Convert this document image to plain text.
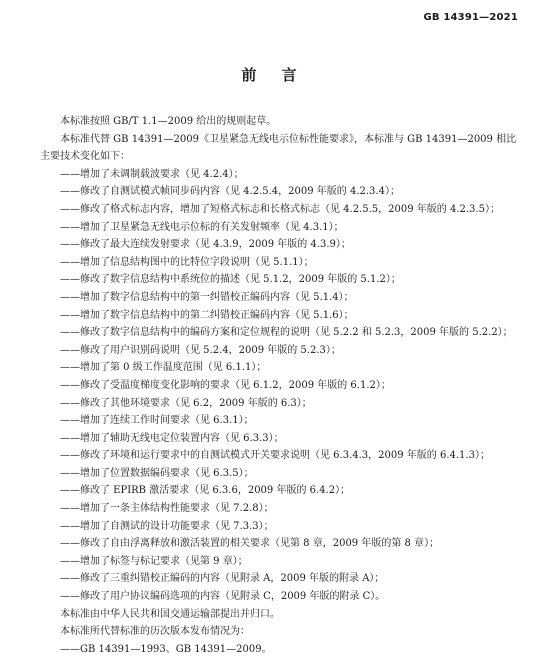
GB 14391—2021
前 言

本标准按照 GB/T 1.1—2009 给出的规则起草。

本标准代替 GB 14391—2009《卫星紧急无线电示位标性能要求》，本标准与 GB 14391—2009 相比主要技术变化如下：

——增加了未调制载波要求（见 4.2.4）；

——修改了自测试模式帧同步码内容（见 4.2.5.4，2009 年版的 4.2.3.4）；

——修改了格式标志内容，增加了短格式标志和长格式标志（见 4.2.5.5，2009 年版的 4.2.3.5）；

——增加了卫星紧急无线电示位标的有关发射频率（见 4.3.1）；

——修改了最大连续发射要求（见 4.3.9，2009 年版的 4.3.9）；

——增加了信息结构图中的比特位字段说明（见 5.1.1）；

——修改了数字信息结构中系统位的描述（见 5.1.2，2009 年版的 5.1.2）；

——增加了数字信息结构中的第一纠错校正编码内容（见 5.1.4）；

——增加了数字信息结构中的第二纠错校正编码内容（见 5.1.6）；

——修改了数字信息结构中的编码方案和定位规程的说明（见 5.2.2 和 5.2.3，2009 年版的 5.2.2）；

——修改了用户识别码说明（见 5.2.4，2009 年版的 5.2.3）；

——增加了第 0 级工作温度范围（见 6.1.1）；

——修改了受温度梯度变化影响的要求（见 6.1.2，2009 年版的 6.1.2）；

——修改了其他环境要求（见 6.2，2009 年版的 6.3）；

——增加了连续工作时间要求（见 6.3.1）；

——增加了辅助无线电定位装置内容（见 6.3.3）；

——修改了环境和运行要求中的自测试模式开关要求说明（见 6.3.4.3，2009 年版的 6.4.1.3）；

——增加了位置数据编码要求（见 6.3.5）；

——修改了 EPIRB 激活要求（见 6.3.6，2009 年版的 6.4.2）；

——增加了一条主体结构性能要求（见 7.2.8）；

——增加了自测试的设计功能要求（见 7.3.3）；

——修改了自由浮离释放和激活装置的相关要求（见第 8 章，2009 年版的第 8 章）；

——增加了标签与标记要求（见第 9 章）；

——修改了三重纠错校正编码的内容（见附录 A，2009 年版的附录 A）；

——修改了用户协议编码选项的内容（见附录 C，2009 年版的附录 C）。

本标准由中华人民共和国交通运输部提出并归口。

本标准所代替标准的历次版本发布情况为：

——GB 14391—1993、GB 14391—2009。
